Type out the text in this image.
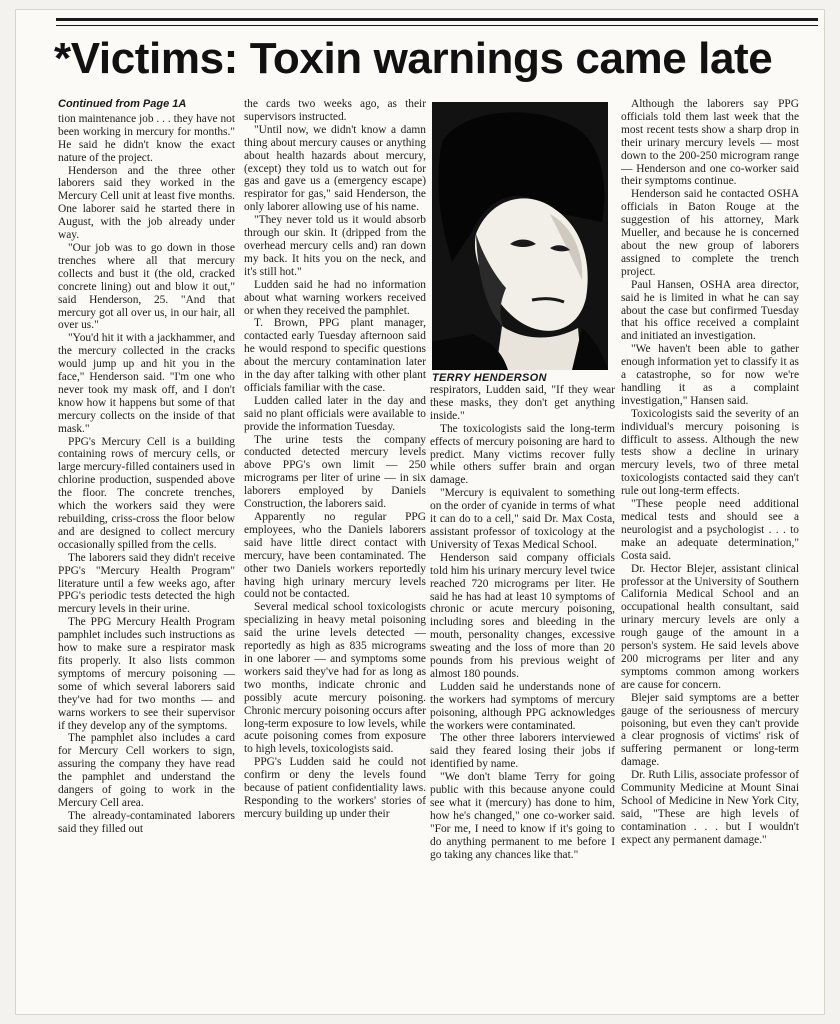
*Victims: Toxin warnings came late

Continued from Page 1A

tion maintenance job . . . they have not been working in mercury for months." He said he didn't know the exact nature of the project.

Henderson and the three other laborers said they worked in the Mercury Cell unit at least five months. One laborer said he started there in August, with the job already under way.

"Our job was to go down in those trenches where all that mercury collects and bust it (the old, cracked concrete lining) out and blow it out," said Henderson, 25. "And that mercury got all over us, in our hair, all over us."

"You'd hit it with a jackhammer, and the mercury collected in the cracks would jump up and hit you in the face," Henderson said. "I'm one who never took my mask off, and I don't know how it happens but some of that mercury collects on the inside of that mask."

PPG's Mercury Cell is a building containing rows of mercury cells, or large mercury-filled containers used in chlorine production, suspended above the floor. The concrete trenches, which the workers said they were rebuilding, criss-cross the floor below and are designed to collect mercury occasionally spilled from the cells.

The laborers said they didn't receive PPG's "Mercury Health Program" literature until a few weeks ago, after PPG's periodic tests detected the high mercury levels in their urine.

The PPG Mercury Health Program pamphlet includes such instructions as how to make sure a respirator mask fits properly. It also lists common symptoms of mercury poisoning — some of which several laborers said they've had for two months — and warns workers to see their supervisor if they develop any of the symptoms.

The pamphlet also includes a card for Mercury Cell workers to sign, assuring the company they have read the pamphlet and understand the dangers of going to work in the Mercury Cell area.

The already-contaminated laborers said they filled out

the cards two weeks ago, as their supervisors instructed.

"Until now, we didn't know a damn thing about mercury causes or anything about health hazards about mercury, (except) they told us to watch out for gas and gave us a (emergency escape) respirator for gas," said Henderson, the only laborer allowing use of his name.

"They never told us it would absorb through our skin. It (dripped from the overhead mercury cells and) ran down my back. It hits you on the neck, and it's still hot."

Ludden said he had no information about what warning workers received or when they received the pamphlet.

T. Brown, PPG plant manager, contacted early Tuesday afternoon said he would respond to specific questions about the mercury contamination later in the day after talking with other plant officials familiar with the case.

Ludden called later in the day and said no plant officials were available to provide the information Tuesday.

The urine tests the company conducted detected mercury levels above PPG's own limit — 250 micrograms per liter of urine — in six laborers employed by Daniels Construction, the laborers said.

Apparently no regular PPG employees, who the Daniels laborers said have little direct contact with mercury, have been contaminated. The other two Daniels workers reportedly having high urinary mercury levels could not be contacted.

Several medical school toxicologists specializing in heavy metal poisoning said the urine levels detected — reportedly as high as 835 micrograms in one laborer — and symptoms some workers said they've had for as long as two months, indicate chronic and possibly acute mercury poisoning. Chronic mercury poisoning occurs after long-term exposure to low levels, while acute poisoning comes from exposure to high levels, toxicologists said.

PPG's Ludden said he could not confirm or deny the levels found because of patient confidentiality laws. Responding to the workers' stories of mercury building up under their

TERRY HENDERSON

respirators, Ludden said, "If they wear these masks, they don't get anything inside."

The toxicologists said the long-term effects of mercury poisoning are hard to predict. Many victims recover fully while others suffer brain and organ damage.

"Mercury is equivalent to something on the order of cyanide in terms of what it can do to a cell," said Dr. Max Costa, assistant professor of toxicology at the University of Texas Medical School.

Henderson said company officials told him his urinary mercury level twice reached 720 micrograms per liter. He said he has had at least 10 symptoms of chronic or acute mercury poisoning, including sores and bleeding in the mouth, personality changes, excessive sweating and the loss of more than 20 pounds from his previous weight of almost 180 pounds.

Ludden said he understands none of the workers had symptoms of mercury poisoning, although PPG acknowledges the workers were contaminated.

The other three laborers interviewed said they feared losing their jobs if identified by name.

"We don't blame Terry for going public with this because anyone could see what it (mercury) has done to him, how he's changed," one co-worker said. "For me, I need to know if it's going to do anything permanent to me before I go taking any chances like that."

Although the laborers say PPG officials told them last week that the most recent tests show a sharp drop in their urinary mercury levels — most down to the 200-250 microgram range — Henderson and one co-worker said their symptoms continue.

Henderson said he contacted OSHA officials in Baton Rouge at the suggestion of his attorney, Mark Mueller, and because he is concerned about the new group of laborers assigned to complete the trench project.

Paul Hansen, OSHA area director, said he is limited in what he can say about the case but confirmed Tuesday that his office received a complaint and initiated an investigation.

"We haven't been able to gather enough information yet to classify it as a catastrophe, so for now we're handling it as a complaint investigation," Hansen said.

Toxicologists said the severity of an individual's mercury poisoning is difficult to assess. Although the new tests show a decline in urinary mercury levels, two of three metal toxicologists contacted said they can't rule out long-term effects.

"These people need additional medical tests and should see a neurologist and a psychologist . . . to make an adequate determination," Costa said.

Dr. Hector Blejer, assistant clinical professor at the University of Southern California Medical School and an occupational health consultant, said urinary mercury levels are only a rough gauge of the amount in a person's system. He said levels above 200 micrograms per liter and any symptoms common among workers are cause for concern.

Blejer said symptoms are a better gauge of the seriousness of mercury poisoning, but even they can't provide a clear prognosis of victims' risk of suffering permanent or long-term damage.

Dr. Ruth Lilis, associate professor of Community Medicine at Mount Sinai School of Medicine in New York City, said, "These are high levels of contamination . . . but I wouldn't expect any permanent damage."
